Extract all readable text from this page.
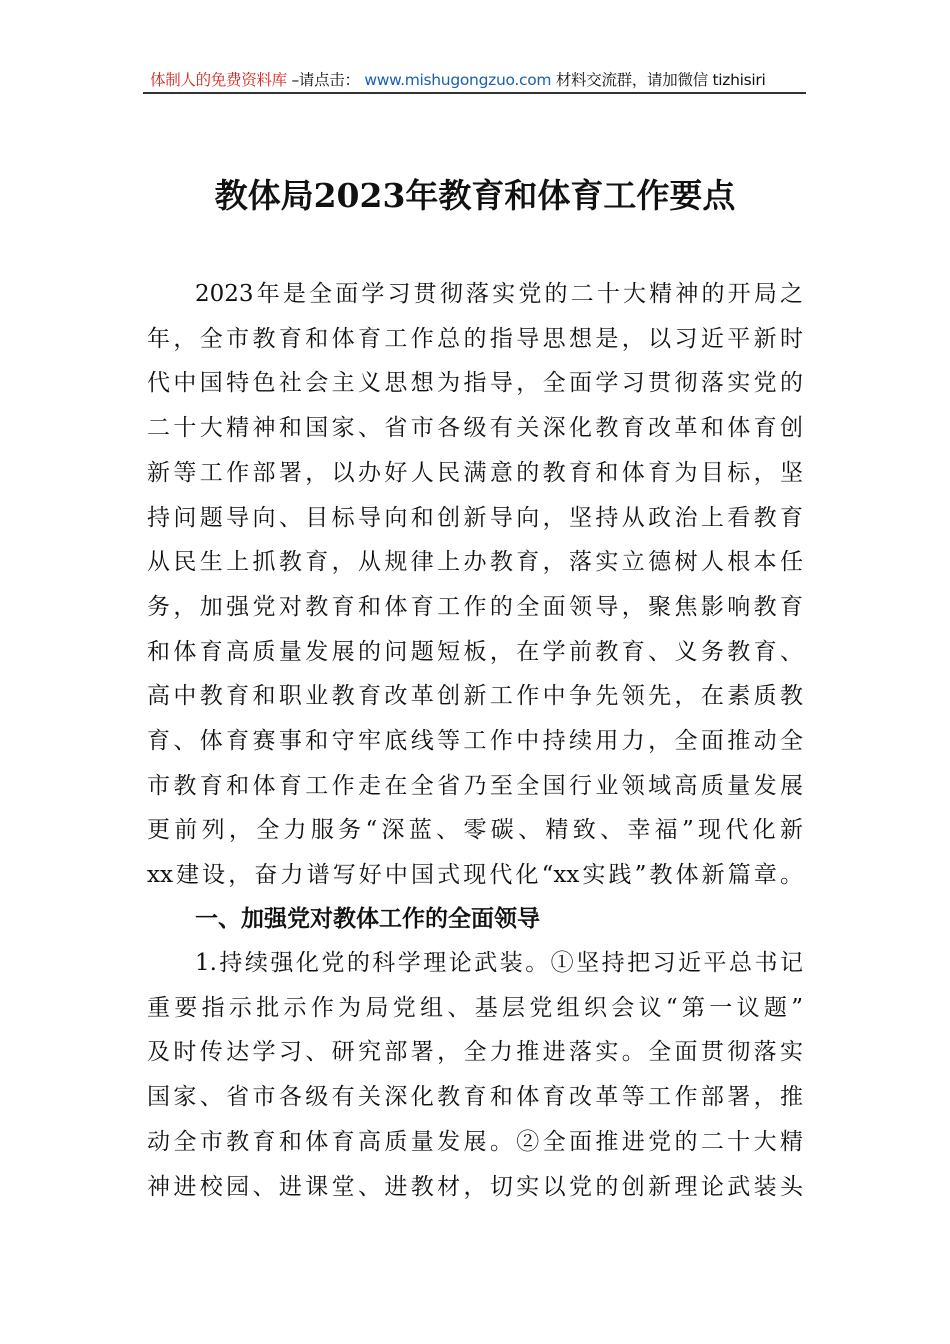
体制人的免费资料库 –请点击： www.mishugongzuo.com 材料交流群，请加微信 tizhisiri
教体局2023年教育和体育工作要点
2023年是全面学习贯彻落实党的二十大精神的开局之
年，全市教育和体育工作总的指导思想是，以习近平新时
代中国特色社会主义思想为指导，全面学习贯彻落实党的
二十大精神和国家、省市各级有关深化教育改革和体育创
新等工作部署，以办好人民满意的教育和体育为目标，坚
持问题导向、目标导向和创新导向，坚持从政治上看教育
从民生上抓教育，从规律上办教育，落实立德树人根本任
务，加强党对教育和体育工作的全面领导，聚焦影响教育
和体育高质量发展的问题短板，在学前教育、义务教育、
高中教育和职业教育改革创新工作中争先领先，在素质教
育、体育赛事和守牢底线等工作中持续用力，全面推动全
市教育和体育工作走在全省乃至全国行业领域高质量发展
更前列，全力服务“深蓝、零碳、精致、幸福”现代化新
xx建设，奋力谱写好中国式现代化“xx实践”教体新篇章。
一、加强党对教体工作的全面领导
1.持续强化党的科学理论武装。①坚持把习近平总书记
重要指示批示作为局党组、基层党组织会议“第一议题”
及时传达学习、研究部署，全力推进落实。全面贯彻落实
国家、省市各级有关深化教育和体育改革等工作部署，推
动全市教育和体育高质量发展。②全面推进党的二十大精
神进校园、进课堂、进教材，切实以党的创新理论武装头
